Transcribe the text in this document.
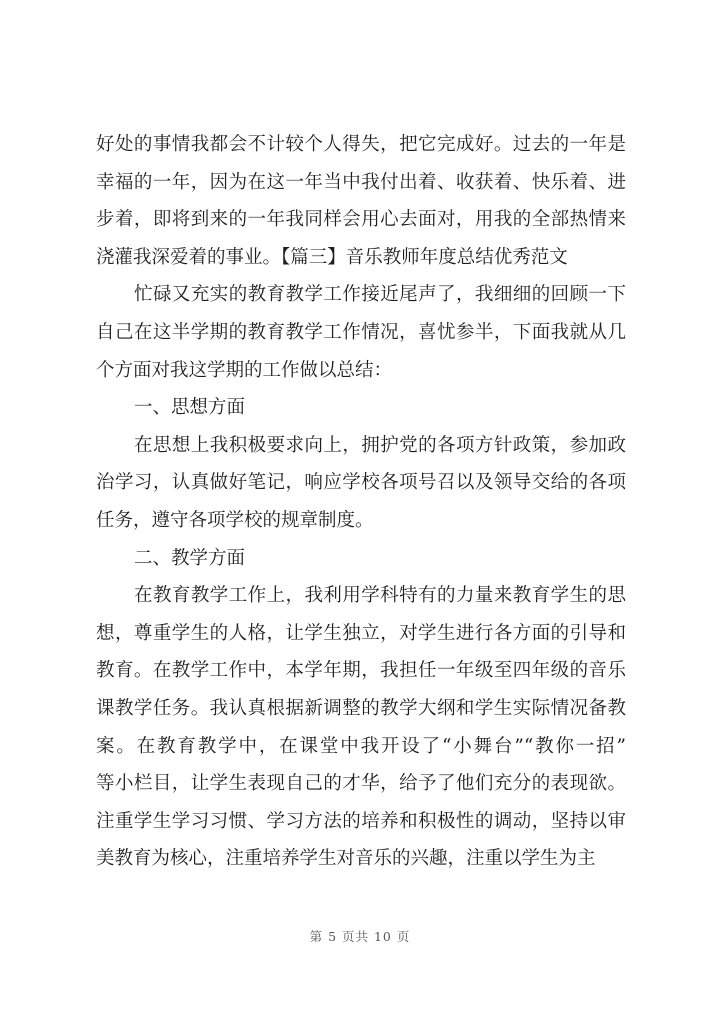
好处的事情我都会不计较个人得失，把它完成好。过去的一年是
幸福的一年，因为在这一年当中我付出着、收获着、快乐着、进
步着，即将到来的一年我同样会用心去面对，用我的全部热情来
浇灌我深爱着的事业。【篇三】音乐教师年度总结优秀范文
忙碌又充实的教育教学工作接近尾声了，我细细的回顾一下
自己在这半学期的教育教学工作情况，喜忧参半，下面我就从几
个方面对我这学期的工作做以总结：
一、思想方面
在思想上我积极要求向上，拥护党的各项方针政策，参加政
治学习，认真做好笔记，响应学校各项号召以及领导交给的各项
任务，遵守各项学校的规章制度。
二、教学方面
在教育教学工作上，我利用学科特有的力量来教育学生的思
想，尊重学生的人格，让学生独立，对学生进行各方面的引导和
教育。在教学工作中，本学年期，我担任一年级至四年级的音乐
课教学任务。我认真根据新调整的教学大纲和学生实际情况备教
案。在教育教学中，在课堂中我开设了“小舞台”“教你一招”
等小栏目，让学生表现自己的才华，给予了他们充分的表现欲。
注重学生学习习惯、学习方法的培养和积极性的调动，坚持以审
美教育为核心，注重培养学生对音乐的兴趣，注重以学生为主
第 5 页共 10 页
